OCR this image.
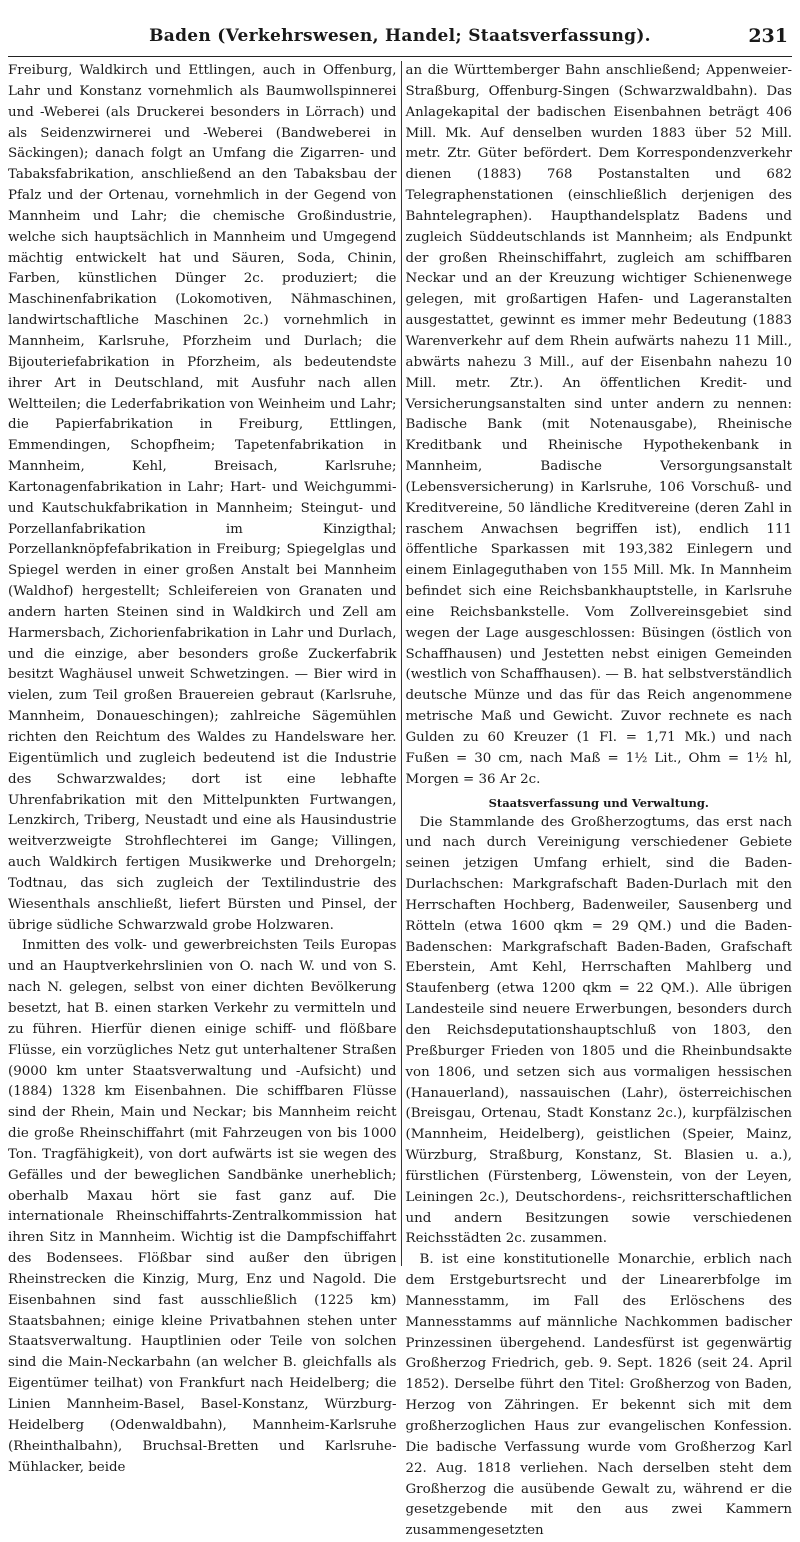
Baden (Verkehrswesen, Handel; Staatsverfassung).	231

Freiburg, Waldkirch und Ettlingen, auch in Offenburg, Lahr und Konstanz vornehmlich als Baumwollspinnerei und -Weberei (als Druckerei besonders in Lörrach) und als Seidenzwirnerei und -Weberei (Bandweberei in Säckingen); danach folgt an Umfang die Zigarren- und Tabaksfabrikation, anschließend an den Tabaksbau der Pfalz und der Ortenau, vornehmlich in der Gegend von Mannheim und Lahr; die chemische Großindustrie, welche sich hauptsächlich in Mannheim und Umgegend mächtig entwickelt hat und Säuren, Soda, Chinin, Farben, künstlichen Dünger 2c. produziert; die Maschinenfabrikation (Lokomotiven, Nähmaschinen, landwirtschaftliche Maschinen 2c.) vornehmlich in Mannheim, Karlsruhe, Pforzheim und Durlach; die Bijouteriefabrikation in Pforzheim, als bedeutendste ihrer Art in Deutschland, mit Ausfuhr nach allen Weltteilen; die Lederfabrikation von Weinheim und Lahr; die Papierfabrikation in Freiburg, Ettlingen, Emmendingen, Schopfheim; Tapetenfabrikation in Mannheim, Kehl, Breisach, Karlsruhe; Kartonagenfabrikation in Lahr; Hart- und Weichgummi- und Kautschukfabrikation in Mannheim; Steingut- und Porzellanfabrikation im Kinzigthal; Porzellanknöpfefabrikation in Freiburg; Spiegelglas und Spiegel werden in einer großen Anstalt bei Mannheim (Waldhof) hergestellt; Schleifereien von Granaten und andern harten Steinen sind in Waldkirch und Zell am Harmersbach, Zichorienfabrikation in Lahr und Durlach, und die einzige, aber besonders große Zuckerfabrik besitzt Waghäusel unweit Schwetzingen. — Bier wird in vielen, zum Teil großen Brauereien gebraut (Karlsruhe, Mannheim, Donaueschingen); zahlreiche Sägemühlen richten den Reichtum des Waldes zu Handelsware her. Eigentümlich und zugleich bedeutend ist die Industrie des Schwarzwaldes; dort ist eine lebhafte Uhrenfabrikation mit den Mittelpunkten Furtwangen, Lenzkirch, Triberg, Neustadt und eine als Hausindustrie weitverzweigte Strohflechterei im Gange; Villingen, auch Waldkirch fertigen Musikwerke und Drehorgeln; Todtnau, das sich zugleich der Textilindustrie des Wiesenthals anschließt, liefert Bürsten und Pinsel, der übrige südliche Schwarzwald grobe Holzwaren.

Inmitten des volk- und gewerbreichsten Teils Europas und an Hauptverkehrslinien von O. nach W. und von S. nach N. gelegen, selbst von einer dichten Bevölkerung besetzt, hat B. einen starken Verkehr zu vermitteln und zu führen. Hierfür dienen einige schiff- und flößbare Flüsse, ein vorzügliches Netz gut unterhaltener Straßen (9000 km unter Staatsverwaltung und -Aufsicht) und (1884) 1328 km Eisenbahnen. Die schiffbaren Flüsse sind der Rhein, Main und Neckar; bis Mannheim reicht die große Rheinschiffahrt (mit Fahrzeugen von bis 1000 Ton. Tragfähigkeit), von dort aufwärts ist sie wegen des Gefälles und der beweglichen Sandbänke unerheblich; oberhalb Maxau hört sie fast ganz auf. Die internationale Rheinschiffahrts-Zentralkommission hat ihren Sitz in Mannheim. Wichtig ist die Dampfschiffahrt des Bodensees. Flößbar sind außer den übrigen Rheinstrecken die Kinzig, Murg, Enz und Nagold. Die Eisenbahnen sind fast ausschließlich (1225 km) Staatsbahnen; einige kleine Privatbahnen stehen unter Staatsverwaltung. Hauptlinien oder Teile von solchen sind die Main-Neckarbahn (an welcher B. gleichfalls als Eigentümer teilhat) von Frankfurt nach Heidelberg; die Linien Mannheim-Basel, Basel-Konstanz, Würzburg-Heidelberg (Odenwaldbahn), Mannheim-Karlsruhe (Rheinthalbahn), Bruchsal-Bretten und Karlsruhe-Mühlacker, beide

an die Württemberger Bahn anschließend; Appenweier-Straßburg, Offenburg-Singen (Schwarzwaldbahn). Das Anlagekapital der badischen Eisenbahnen beträgt 406 Mill. Mk. Auf denselben wurden 1883 über 52 Mill. metr. Ztr. Güter befördert. Dem Korrespondenzverkehr dienen (1883) 768 Postanstalten und 682 Telegraphenstationen (einschließlich derjenigen des Bahntelegraphen). Haupthandelsplatz Badens und zugleich Süddeutschlands ist Mannheim; als Endpunkt der großen Rheinschiffahrt, zugleich am schiffbaren Neckar und an der Kreuzung wichtiger Schienenwege gelegen, mit großartigen Hafen- und Lageranstalten ausgestattet, gewinnt es immer mehr Bedeutung (1883 Warenverkehr auf dem Rhein aufwärts nahezu 11 Mill., abwärts nahezu 3 Mill., auf der Eisenbahn nahezu 10 Mill. metr. Ztr.). An öffentlichen Kredit- und Versicherungsanstalten sind unter andern zu nennen: Badische Bank (mit Notenausgabe), Rheinische Kreditbank und Rheinische Hypothekenbank in Mannheim, Badische Versorgungsanstalt (Lebensversicherung) in Karlsruhe, 106 Vorschuß- und Kreditvereine, 50 ländliche Kreditvereine (deren Zahl in raschem Anwachsen begriffen ist), endlich 111 öffentliche Sparkassen mit 193,382 Einlegern und einem Einlageguthaben von 155 Mill. Mk. In Mannheim befindet sich eine Reichsbankhauptstelle, in Karlsruhe eine Reichsbankstelle. Vom Zollvereinsgebiet sind wegen der Lage ausgeschlossen: Büsingen (östlich von Schaffhausen) und Jestetten nebst einigen Gemeinden (westlich von Schaffhausen). — B. hat selbstverständlich deutsche Münze und das für das Reich angenommene metrische Maß und Gewicht. Zuvor rechnete es nach Gulden zu 60 Kreuzer (1 Fl. = 1,71 Mk.) und nach Fußen = 30 cm, nach Maß = 1½ Lit., Ohm = 1½ hl, Morgen = 36 Ar 2c.

Staatsverfassung und Verwaltung.

Die Stammlande des Großherzogtums, das erst nach und nach durch Vereinigung verschiedener Gebiete seinen jetzigen Umfang erhielt, sind die Baden-Durlachschen: Markgrafschaft Baden-Durlach mit den Herrschaften Hochberg, Badenweiler, Sausenberg und Rötteln (etwa 1600 qkm = 29 QM.) und die Baden-Badenschen: Markgrafschaft Baden-Baden, Grafschaft Eberstein, Amt Kehl, Herrschaften Mahlberg und Staufenberg (etwa 1200 qkm = 22 QM.). Alle übrigen Landesteile sind neuere Erwerbungen, besonders durch den Reichsdeputationshauptschluß von 1803, den Preßburger Frieden von 1805 und die Rheinbundsakte von 1806, und setzen sich aus vormaligen hessischen (Hanauerland), nassauischen (Lahr), österreichischen (Breisgau, Ortenau, Stadt Konstanz 2c.), kurpfälzischen (Mannheim, Heidelberg), geistlichen (Speier, Mainz, Würzburg, Straßburg, Konstanz, St. Blasien u. a.), fürstlichen (Fürstenberg, Löwenstein, von der Leyen, Leiningen 2c.), Deutschordens-, reichsritterschaftlichen und andern Besitzungen sowie verschiedenen Reichsstädten 2c. zusammen.

B. ist eine konstitutionelle Monarchie, erblich nach dem Erstgeburtsrecht und der Linearerbfolge im Mannesstamm, im Fall des Erlöschens des Mannesstamms auf männliche Nachkommen badischer Prinzessinen übergehend. Landesfürst ist gegenwärtig Großherzog Friedrich, geb. 9. Sept. 1826 (seit 24. April 1852). Derselbe führt den Titel: Großherzog von Baden, Herzog von Zähringen. Er bekennt sich mit dem großherzoglichen Haus zur evangelischen Konfession. Die badische Verfassung wurde vom Großherzog Karl 22. Aug. 1818 verliehen. Nach derselben steht dem Großherzog die ausübende Gewalt zu, während er die gesetzgebende mit den aus zwei Kammern zusammengesetzten
